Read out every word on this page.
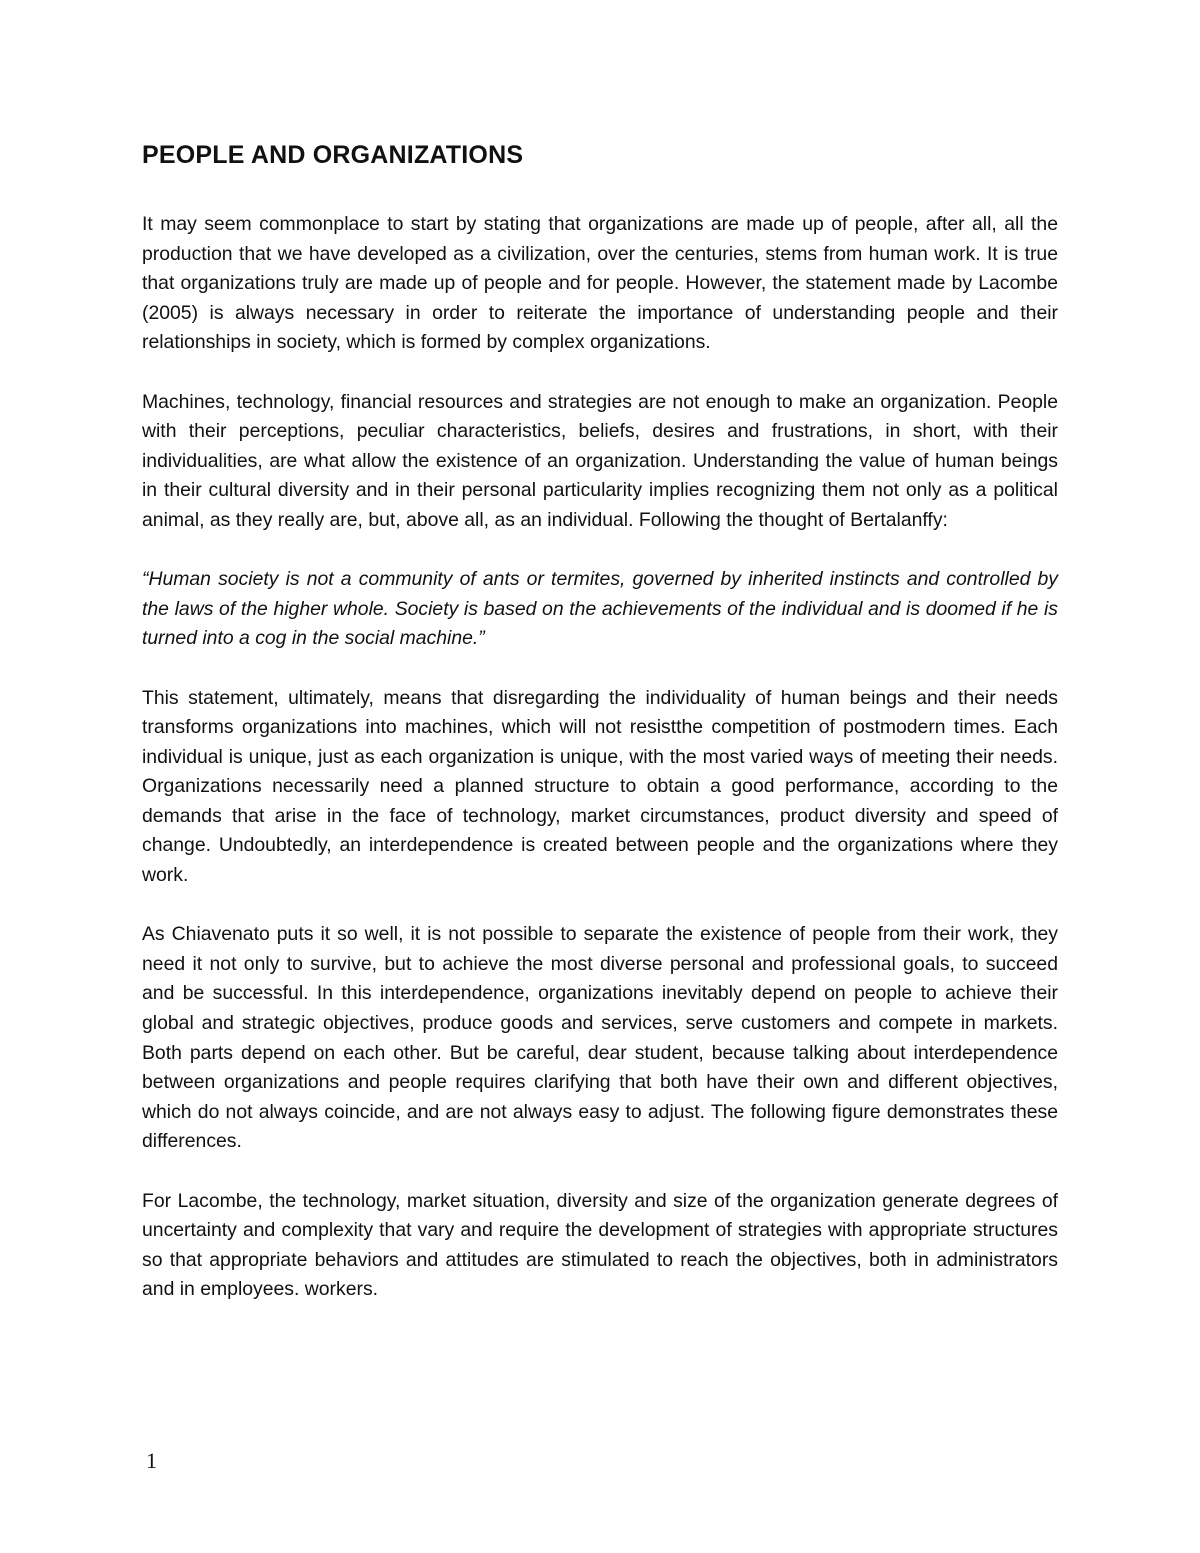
PEOPLE AND ORGANIZATIONS

It may seem commonplace to start by stating that organizations are made up of people, after all, all the production that we have developed as a civilization, over the centuries, stems from human work. It is true that organizations truly are made up of people and for people. However, the statement made by Lacombe (2005) is always necessary in order to reiterate the importance of understanding people and their relationships in society, which is formed by complex organizations.

Machines, technology, financial resources and strategies are not enough to make an organization. People with their perceptions, peculiar characteristics, beliefs, desires and frustrations, in short, with their individualities, are what allow the existence of an organization. Understanding the value of human beings in their cultural diversity and in their personal particularity implies recognizing them not only as a political animal, as they really are, but, above all, as an individual. Following the thought of Bertalanffy:

“Human society is not a community of ants or termites, governed by inherited instincts and controlled by the laws of the higher whole. Society is based on the achievements of the individual and is doomed if he is turned into a cog in the social machine.”

This statement, ultimately, means that disregarding the individuality of human beings and their needs transforms organizations into machines, which will not resistthe competition of postmodern times. Each individual is unique, just as each organization is unique, with the most varied ways of meeting their needs. Organizations necessarily need a planned structure to obtain a good performance, according to the demands that arise in the face of technology, market circumstances, product diversity and speed of change. Undoubtedly, an interdependence is created between people and the organizations where they work.

As Chiavenato puts it so well, it is not possible to separate the existence of people from their work, they need it not only to survive, but to achieve the most diverse personal and professional goals, to succeed and be successful. In this interdependence, organizations inevitably depend on people to achieve their global and strategic objectives, produce goods and services, serve customers and compete in markets. Both parts depend on each other. But be careful, dear student, because talking about interdependence between organizations and people requires clarifying that both have their own and different objectives, which do not always coincide, and are not always easy to adjust. The following figure demonstrates these differences.

For Lacombe, the technology, market situation, diversity and size of the organization generate degrees of uncertainty and complexity that vary and require the development of strategies with appropriate structures so that appropriate behaviors and attitudes are stimulated to reach the objectives, both in administrators and in employees. workers.

1
